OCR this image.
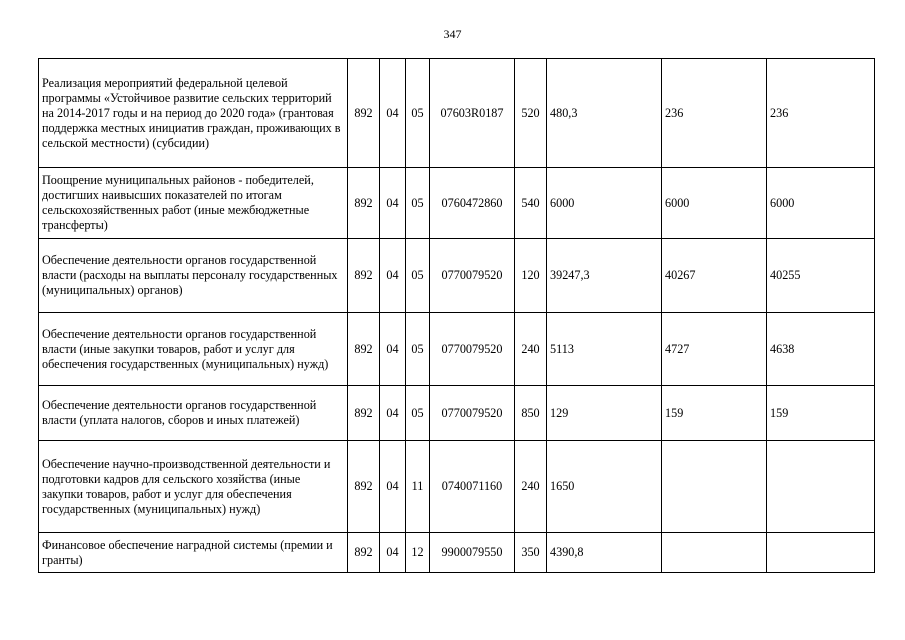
347
Реализация мероприятий федеральной целевой программы «Устойчивое развитие сельских территорий на 2014-2017 годы и на период до 2020 года» (грантовая поддержка местных инициатив граждан, проживающих в сельской местности) (субсидии)	892	04	05	07603R0187	520	480,3	236	236
Поощрение муниципальных районов - победителей, достигших наивысших показателей по итогам сельскохозяйственных работ (иные межбюджетные трансферты)	892	04	05	0760472860	540	6000	6000	6000
Обеспечение деятельности органов государственной власти (расходы на выплаты персоналу государственных (муниципальных) органов)	892	04	05	0770079520	120	39247,3	40267	40255
Обеспечение деятельности органов государственной власти (иные закупки товаров, работ и услуг для обеспечения государственных (муниципальных) нужд)	892	04	05	0770079520	240	5113	4727	4638
Обеспечение деятельности органов государственной власти (уплата налогов, сборов и иных платежей)	892	04	05	0770079520	850	129	159	159
Обеспечение научно-производственной деятельности и подготовки кадров для сельского хозяйства (иные закупки товаров, работ и услуг для обеспечения государственных (муниципальных) нужд)	892	04	11	0740071160	240	1650		
Финансовое обеспечение наградной системы (премии и гранты)	892	04	12	9900079550	350	4390,8		
